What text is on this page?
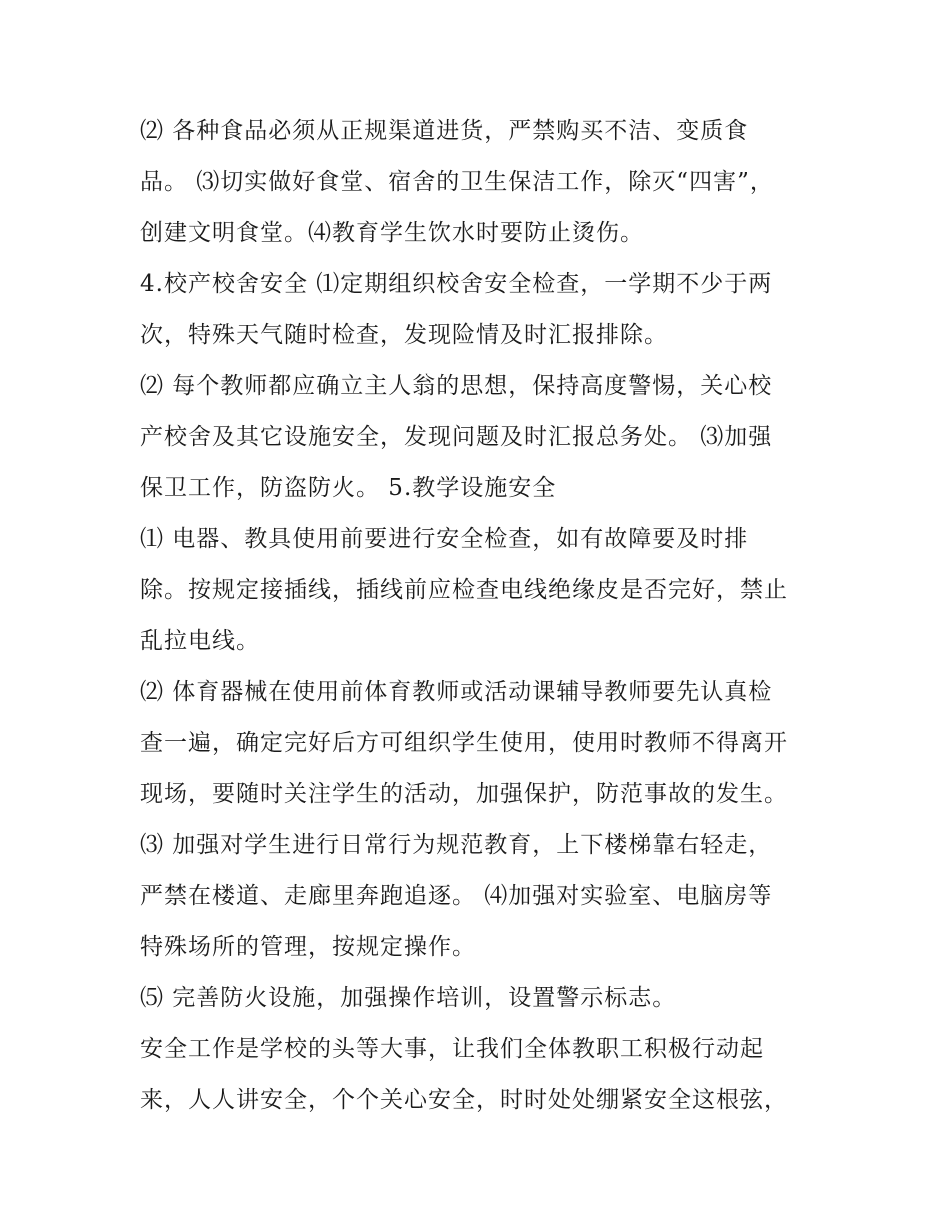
⑵ 各种食品必须从正规渠道进货，严禁购买不洁、变质食
品。 ⑶切实做好食堂、宿舍的卫生保洁工作，除灭“四害”，
创建文明食堂。⑷教育学生饮水时要防止烫伤。
4.校产校舍安全 ⑴定期组织校舍安全检查，一学期不少于两
次，特殊天气随时检查，发现险情及时汇报排除。
⑵ 每个教师都应确立主人翁的思想，保持高度警惕，关心校
产校舍及其它设施安全，发现问题及时汇报总务处。 ⑶加强
保卫工作，防盗防火。 5.教学设施安全
⑴ 电器、教具使用前要进行安全检查，如有故障要及时排
除。按规定接插线，插线前应检查电线绝缘皮是否完好，禁止
乱拉电线。
⑵ 体育器械在使用前体育教师或活动课辅导教师要先认真检
查一遍，确定完好后方可组织学生使用，使用时教师不得离开
现场，要随时关注学生的活动，加强保护，防范事故的发生。
⑶ 加强对学生进行日常行为规范教育，上下楼梯靠右轻走，
严禁在楼道、走廊里奔跑追逐。 ⑷加强对实验室、电脑房等
特殊场所的管理，按规定操作。
⑸ 完善防火设施，加强操作培训，设置警示标志。
安全工作是学校的头等大事，让我们全体教职工积极行动起
来，人人讲安全，个个关心安全，时时处处绷紧安全这根弦，
